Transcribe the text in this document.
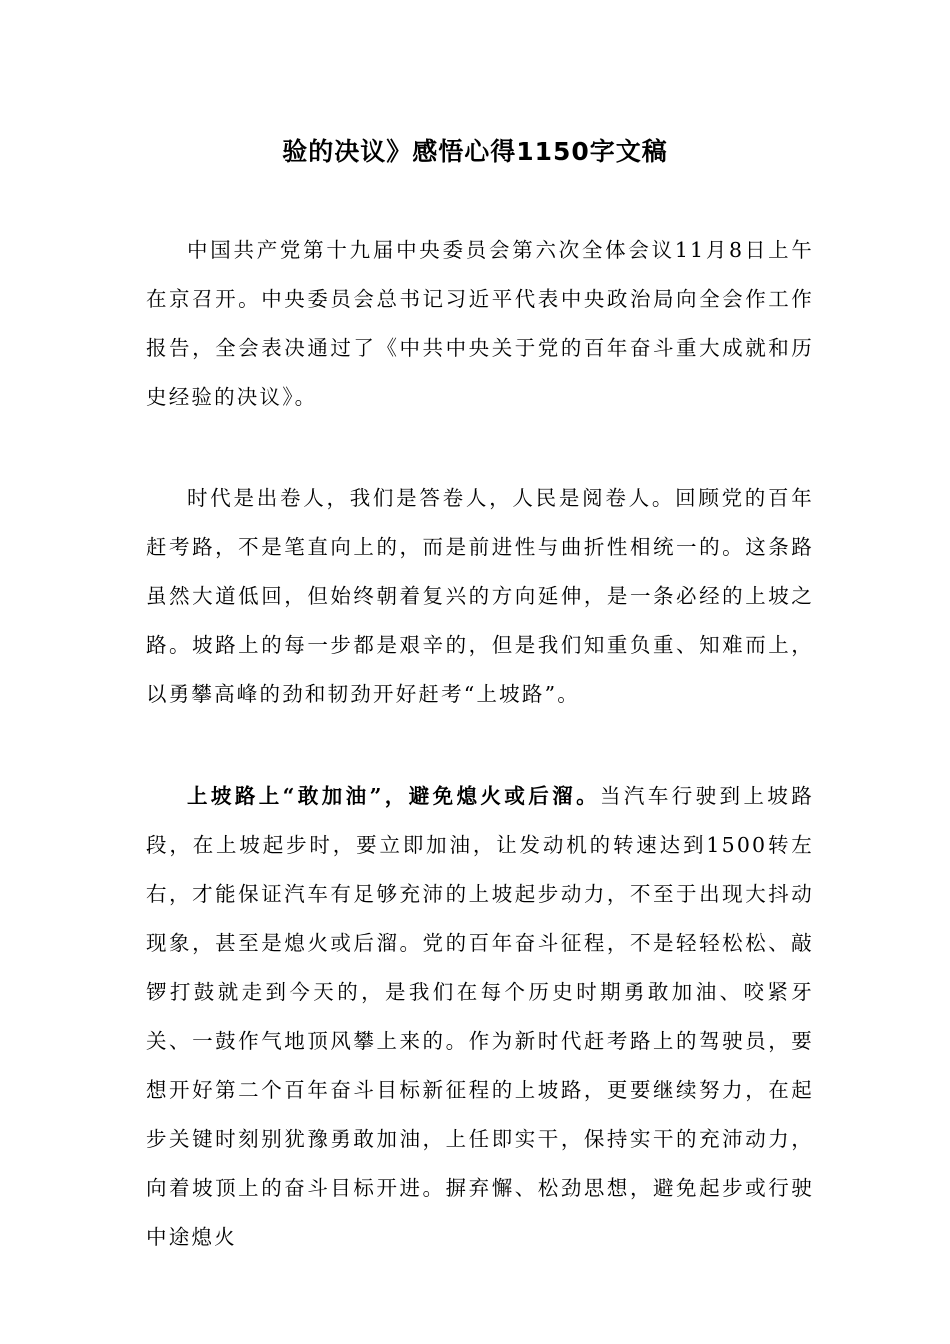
验的决议》感悟心得1150字文稿

中国共产党第十九届中央委员会第六次全体会议11月8日上午在京召开。中央委员会总书记习近平代表中央政治局向全会作工作报告，全会表决通过了《中共中央关于党的百年奋斗重大成就和历史经验的决议》。

时代是出卷人，我们是答卷人，人民是阅卷人。回顾党的百年赶考路，不是笔直向上的，而是前进性与曲折性相统一的。这条路虽然大道低回，但始终朝着复兴的方向延伸，是一条必经的上坡之路。坡路上的每一步都是艰辛的，但是我们知重负重、知难而上，以勇攀高峰的劲和韧劲开好赶考“上坡路”。

上坡路上“敢加油”，避免熄火或后溜。当汽车行驶到上坡路段，在上坡起步时，要立即加油，让发动机的转速达到1500转左右，才能保证汽车有足够充沛的上坡起步动力，不至于出现大抖动现象，甚至是熄火或后溜。党的百年奋斗征程，不是轻轻松松、敲锣打鼓就走到今天的，是我们在每个历史时期勇敢加油、咬紧牙关、一鼓作气地顶风攀上来的。作为新时代赶考路上的驾驶员，要想开好第二个百年奋斗目标新征程的上坡路，更要继续努力，在起步关键时刻别犹豫勇敢加油，上任即实干，保持实干的充沛动力，向着坡顶上的奋斗目标开进。摒弃懈、松劲思想，避免起步或行驶中途熄火
